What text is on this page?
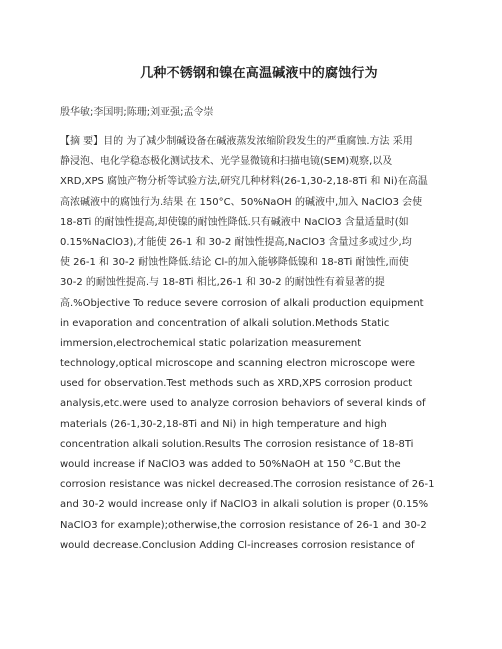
几种不锈钢和镍在高温碱液中的腐蚀行为
殷华敏;李国明;陈珊;刘亚强;孟令崇
【摘 要】目的 为了减少制碱设备在碱液蒸发浓缩阶段发生的严重腐蚀.方法 采用
静浸泡、电化学稳态极化测试技术、光学显微镜和扫描电镜(SEM)观察,以及
XRD,XPS 腐蚀产物分析等试验方法,研究几种材料(26-1,30-2,18-8Ti 和 Ni)在高温
高浓碱液中的腐蚀行为.结果 在 150°C、50%NaOH 的碱液中,加入 NaClO3 会使
18-8Ti 的耐蚀性提高,却使镍的耐蚀性降低.只有碱液中 NaClO3 含量适量时(如
0.15%NaClO3),才能使 26-1 和 30-2 耐蚀性提高,NaClO3 含量过多或过少,均
使 26-1 和 30-2 耐蚀性降低.结论 Cl-的加入能够降低镍和 18-8Ti 耐蚀性,而使
30-2 的耐蚀性提高.与 18-8Ti 相比,26-1 和 30-2 的耐蚀性有着显著的提
高.%Objective To reduce severe corrosion of alkali production equipment
in evaporation and concentration of alkali solution.Methods Static
immersion,electrochemical static polarization measurement
technology,optical microscope and scanning electron microscope were
used for observation.Test methods such as XRD,XPS corrosion product
analysis,etc.were used to analyze corrosion behaviors of several kinds of
materials (26-1,30-2,18-8Ti and Ni) in high temperature and high
concentration alkali solution.Results The corrosion resistance of 18-8Ti
would increase if NaClO3 was added to 50%NaOH at 150 °C.But the
corrosion resistance was nickel decreased.The corrosion resistance of 26-1
and 30-2 would increase only if NaClO3 in alkali solution is proper (0.15%
NaClO3 for example);otherwise,the corrosion resistance of 26-1 and 30-2
would decrease.Conclusion Adding Cl-increases corrosion resistance of
